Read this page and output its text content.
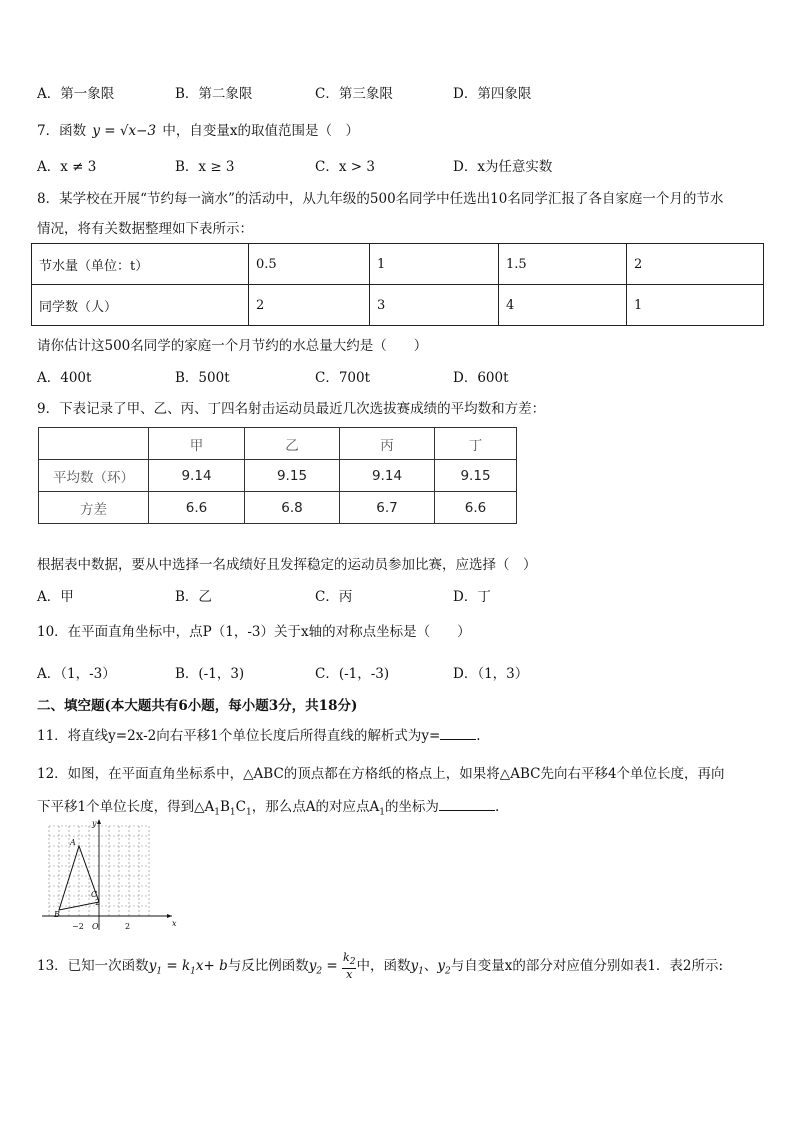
A．第一象限	B．第二象限	C．第三象限	D．第四象限
7．函数 y = √x−3 中，自变量x的取值范围是（　）
A．x ≠ 3	B．x ≥ 3	C．x > 3	D．x为任意实数
8．某学校在开展“节约每一滴水”的活动中，从九年级的500名同学中任选出10名同学汇报了各自家庭一个月的节水
情况，将有关数据整理如下表所示：
节水量（单位：t）	0.5	1	1.5	2
同学数（人）	2	3	4	1
请你估计这500名同学的家庭一个月节约的水总量大约是（　　）
A．400t	B．500t	C．700t	D．600t
9．下表记录了甲、乙、丙、丁四名射击运动员最近几次选拔赛成绩的平均数和方差：
	甲	乙	丙	丁
平均数（环）	9.14	9.15	9.14	9.15
方差	6.6	6.8	6.7	6.6
根据表中数据，要从中选择一名成绩好且发挥稳定的运动员参加比赛，应选择（　）
A．甲	B．乙	C．丙	D．丁
10．在平面直角坐标中，点P（1，-3）关于x轴的对称点坐标是（　　）
A．（1，-3）	B．(-1，3)	C．(-1，-3)	D．（1，3）
二、填空题(本大题共有6小题，每小题3分，共18分)
11．将直线y=2x-2向右平移1个单位长度后所得直线的解析式为y=	.
12．如图，在平面直角坐标系中，△ABC的顶点都在方格纸的格点上，如果将△ABC先向右平移4个单位长度，再向
下平移1个单位长度，得到$\triangle A_1B_1C_1$，那么点A的对应点$A_1$的坐标为	.
y
x
A
B
C
O
−2	2
2
13．已知一次函数$y_1 = k_1x+ b$与反比例函数$y_2 = \frac{k_2}{x}$ 中，函数$y_1$、$y_2$与自变量x的部分对应值分别如表1．表2所示:
